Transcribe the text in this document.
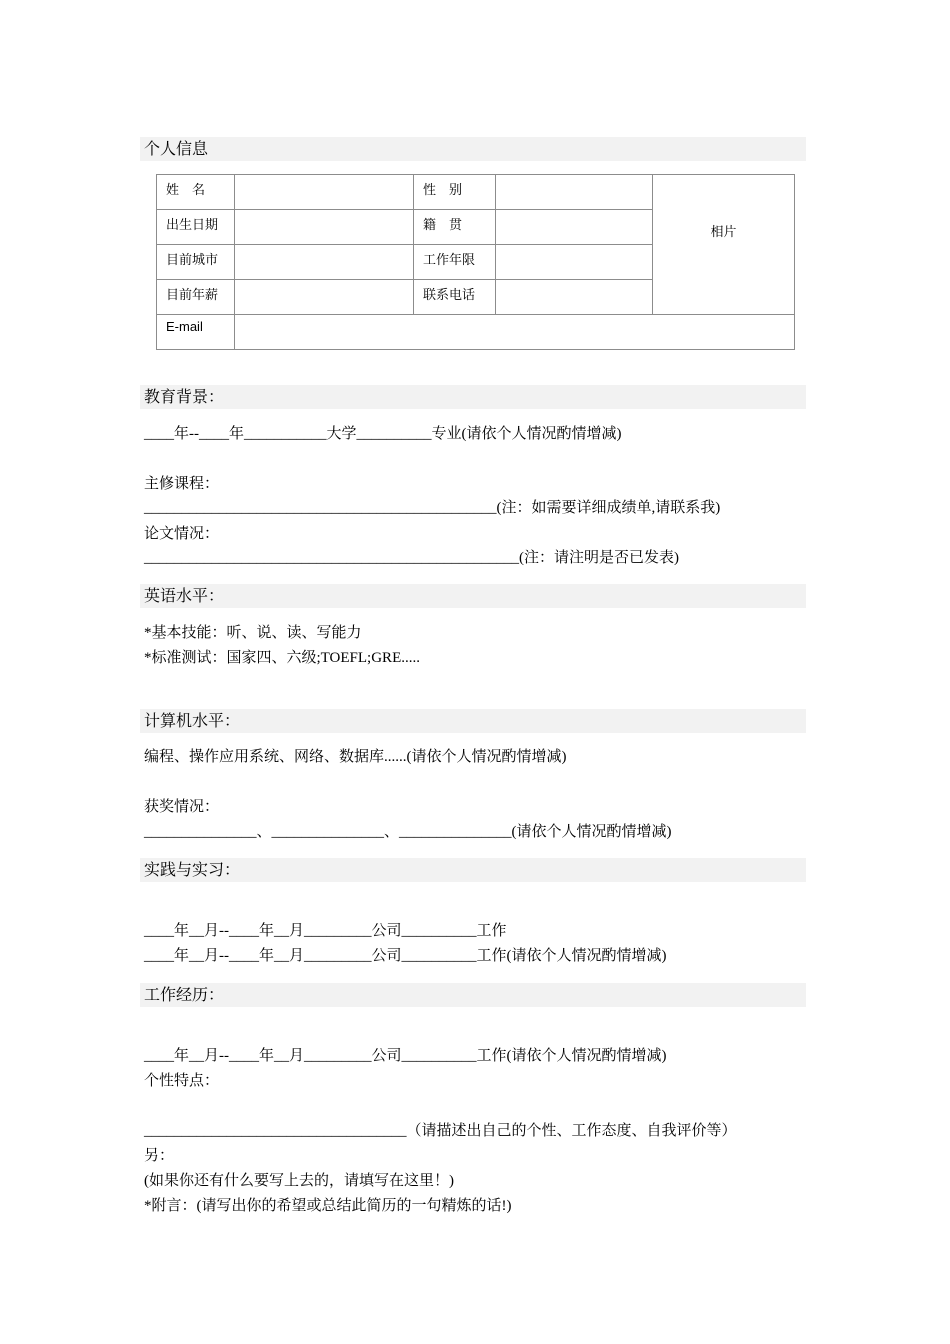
个人信息
姓　名		性　别		相片
出生日期		籍　贯		
目前城市		工作年限		
目前年薪		联系电话		
E-mail				
教育背景：
____年--____年___________大学__________专业(请依个人情况酌情增减)
主修课程：
_______________________________________________(注：如需要详细成绩单,请联系我)
论文情况：
__________________________________________________(注：请注明是否已发表)
英语水平：
*基本技能：听、说、读、写能力
*标准测试：国家四、六级;TOEFL;GRE.....
计算机水平：
编程、操作应用系统、网络、数据库......(请依个人情况酌情增减)
获奖情况：
_______________、_______________、_______________(请依个人情况酌情增减)
实践与实习：
____年__月--____年__月_________公司__________工作
____年__月--____年__月_________公司__________工作(请依个人情况酌情增减)
工作经历：
____年__月--____年__月_________公司__________工作(请依个人情况酌情增减)
个性特点：
___________________________________（请描述出自己的个性、工作态度、自我评价等）
另：
(如果你还有什么要写上去的，请填写在这里！)
*附言：(请写出你的希望或总结此简历的一句精炼的话!)
